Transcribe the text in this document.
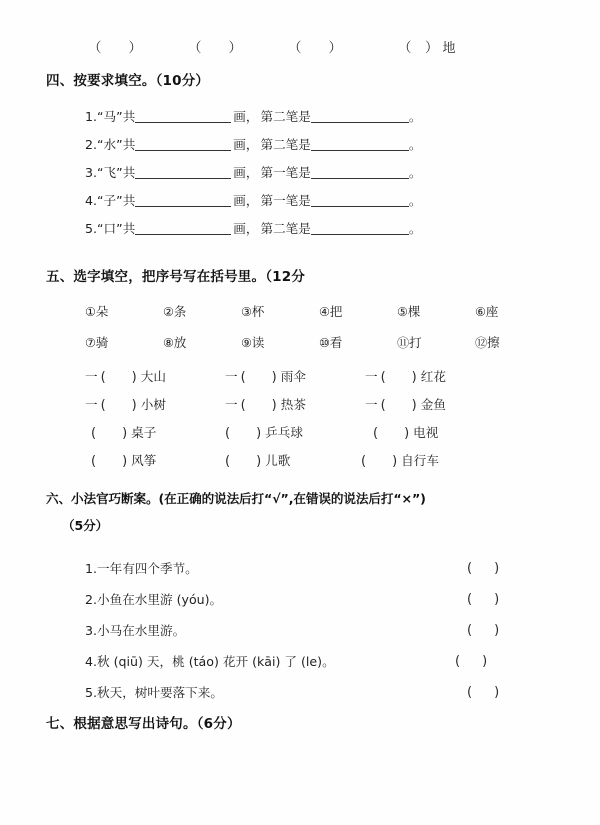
（　　）	（　　）	（　　）	（　） 地
四、按要求填空。（10分）
1.“马”共	画， 第二笔是	。
2.“水”共	画， 第二笔是	。
3.“飞”共	画， 第一笔是	。
4.“子”共	画， 第一笔是	。
5.“口”共	画， 第二笔是	。
五、选字填空，把序号写在括号里。（12分
①朵	②条	③杯	④把	⑤棵	⑥座
⑦骑	⑧放	⑨读	⑩看	⑪打	⑫擦
一 ( ) 大山	一 ( ) 雨伞	一 ( ) 红花
一 ( ) 小树	一 ( ) 热茶	一 ( ) 金鱼
( ) 桌子	( ) 乒乓球	( ) 电视
( ) 风筝	( ) 儿歌	( ) 自行车
六、小法官巧断案。(在正确的说法后打“√”,在错误的说法后打“×”)
（5分）
1.一年有四个季节。	( )
2.小鱼在水里游 (yóu)。	( )
3.小马在水里游。	( )
4.秋 (qiū) 天，桃 (táo) 花开 (kāi) 了 (le)。	( )
5.秋天，树叶要落下来。	( )
七、根据意思写出诗句。（6分）
